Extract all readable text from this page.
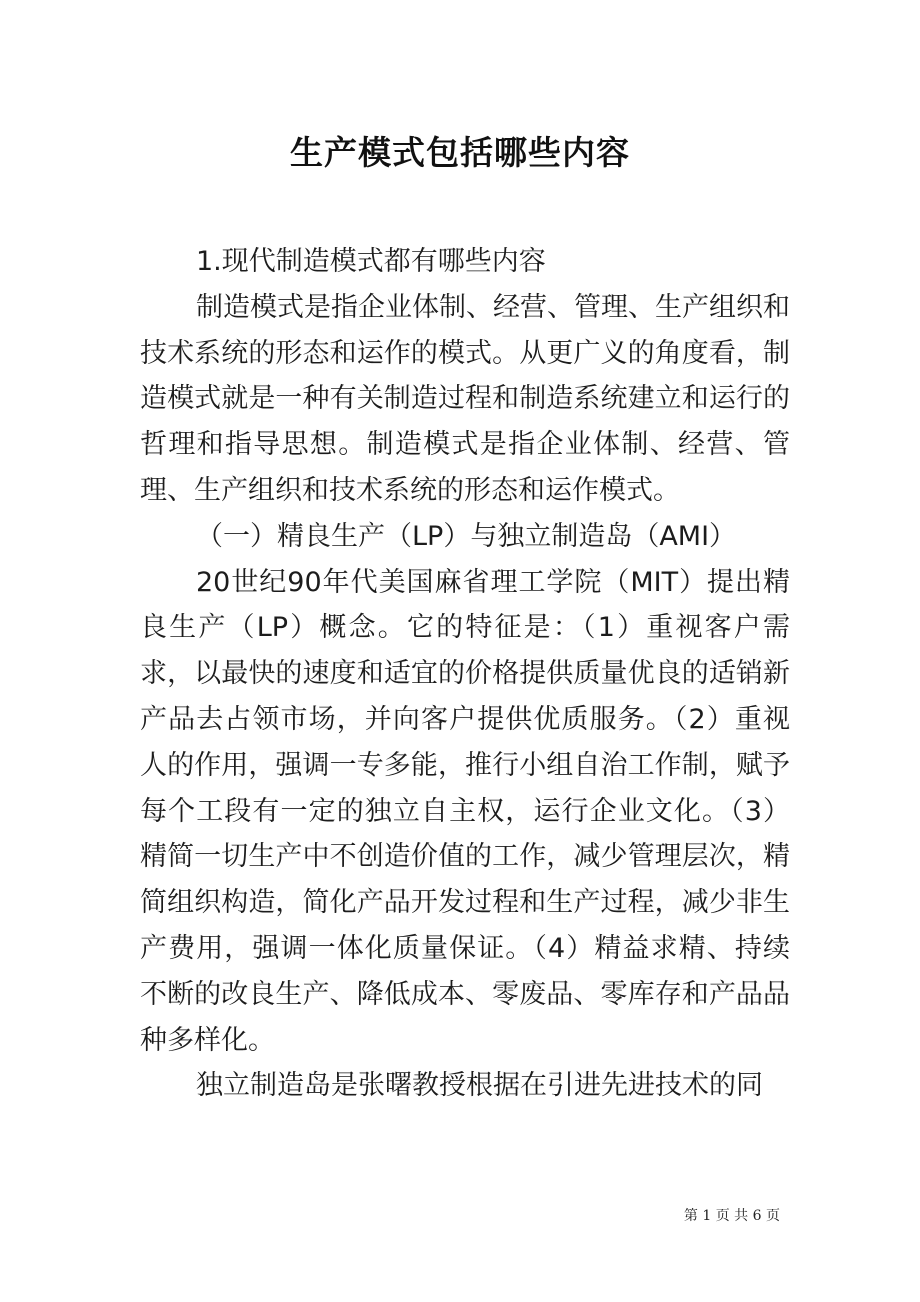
生产模式包括哪些内容

1.现代制造模式都有哪些内容

制造模式是指企业体制、经营、管理、生产组织和技术系统的形态和运作的模式。从更广义的角度看，制造模式就是一种有关制造过程和制造系统建立和运行的哲理和指导思想。制造模式是指企业体制、经营、管理、生产组织和技术系统的形态和运作模式。

（一）精良生产（LP）与独立制造岛（AMI）

20世纪90年代美国麻省理工学院（MIT）提出精良生产（LP）概念。它的特征是：（1）重视客户需求，以最快的速度和适宜的价格提供质量优良的适销新产品去占领市场，并向客户提供优质服务。（2）重视人的作用，强调一专多能，推行小组自治工作制，赋予每个工段有一定的独立自主权，运行企业文化。（3）精简一切生产中不创造价值的工作，减少管理层次，精简组织构造，简化产品开发过程和生产过程，减少非生产费用，强调一体化质量保证。（4）精益求精、持续不断的改良生产、降低成本、零废品、零库存和产品品种多样化。

独立制造岛是张曙教授根据在引进先进技术的同

第 1 页 共 6 页
